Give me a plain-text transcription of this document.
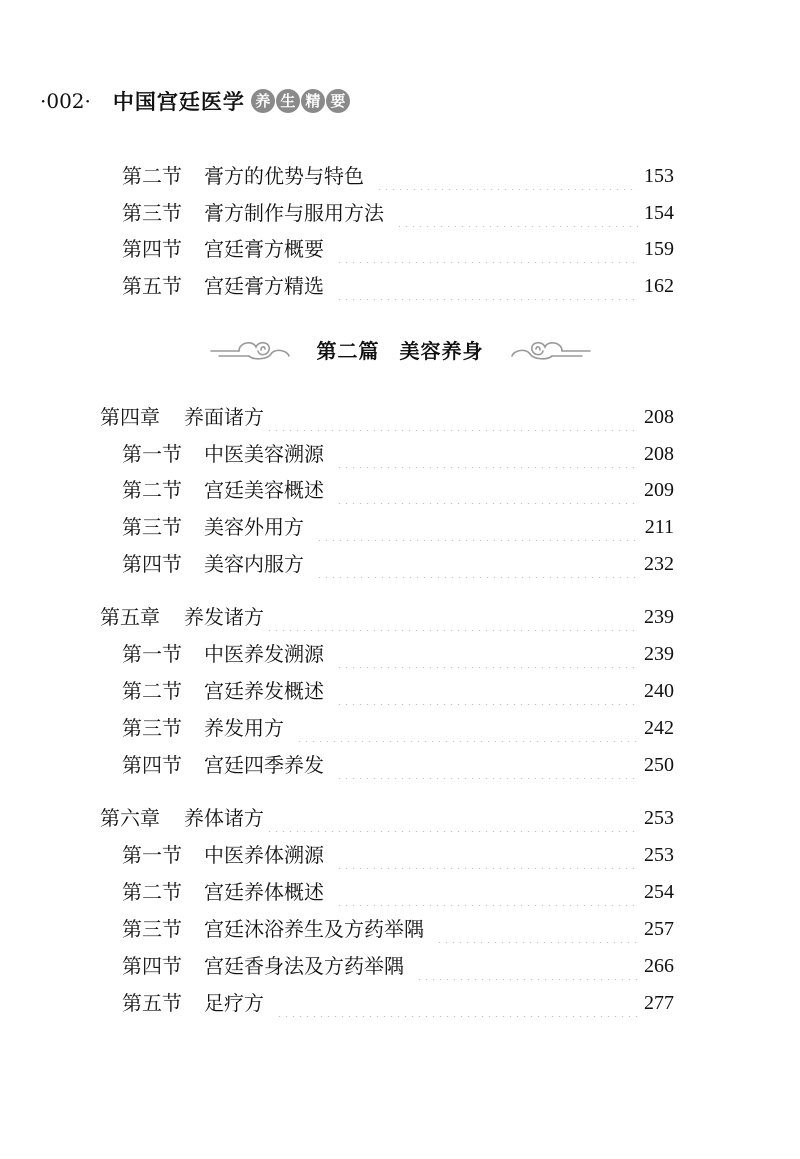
·002· 中国宫廷医学 养 生 精 要
第二节 膏方的优势与特色	153
第三节 膏方制作与服用方法	154
第四节 宫廷膏方概要	159
第五节 宫廷膏方精选	162
第二篇 美容养身
第四章 养面诸方	208
第一节 中医美容溯源	208
第二节 宫廷美容概述	209
第三节 美容外用方	211
第四节 美容内服方	232
第五章 养发诸方	239
第一节 中医养发溯源	239
第二节 宫廷养发概述	240
第三节 养发用方	242
第四节 宫廷四季养发	250
第六章 养体诸方	253
第一节 中医养体溯源	253
第二节 宫廷养体概述	254
第三节 宫廷沐浴养生及方药举隅	257
第四节 宫廷香身法及方药举隅	266
第五节 足疗方	277
